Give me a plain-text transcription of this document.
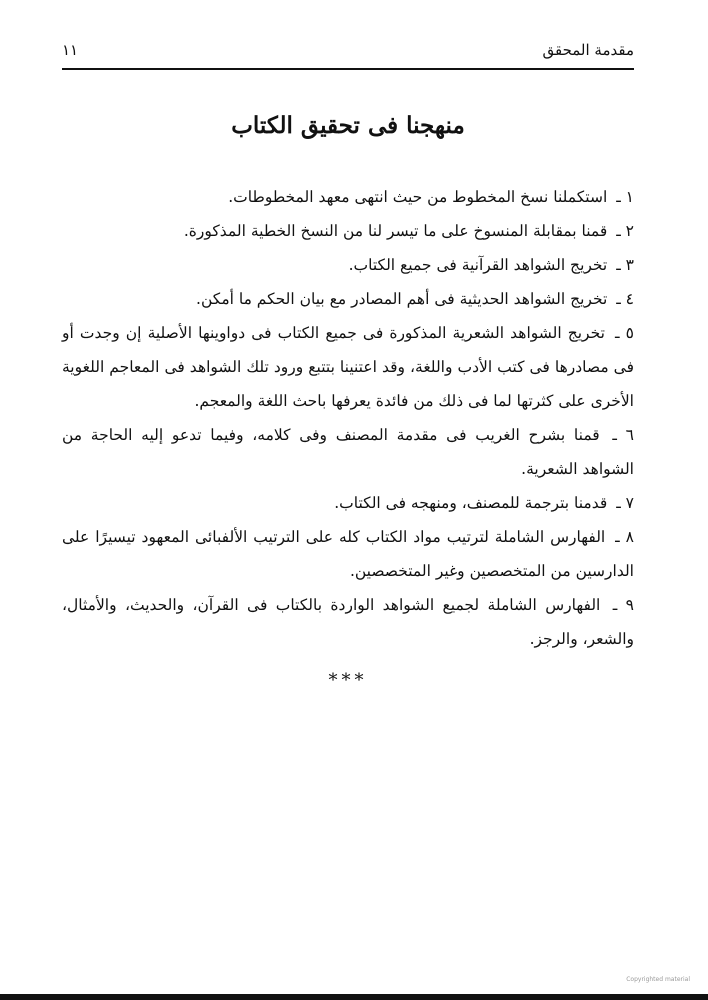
مقدمة المحقق
١١
منهجنا فى تحقيق الكتاب
١ ـ استكملنا نسخ المخطوط من حيث انتهى معهد المخطوطات.
٢ ـ قمنا بمقابلة المنسوخ على ما تيسر لنا من النسخ الخطية المذكورة.
٣ ـ تخريج الشواهد القرآنية فى جميع الكتاب.
٤ ـ تخريج الشواهد الحديثية فى أهم المصادر مع بيان الحكم ما أمكن.
٥ ـ تخريج الشواهد الشعرية المذكورة فى جميع الكتاب فى دواوينها الأصلية إن وجدت أو فى مصادرها فى كتب الأدب واللغة، وقد اعتنينا بتتبع ورود تلك الشواهد فى المعاجم اللغوية الأخرى على كثرتها لما فى ذلك من فائدة يعرفها باحث اللغة والمعجم.
٦ ـ قمنا بشرح الغريب فى مقدمة المصنف وفى كلامه، وفيما تدعو إليه الحاجة من الشواهد الشعرية.
٧ ـ قدمنا بترجمة للمصنف، ومنهجه فى الكتاب.
٨ ـ الفهارس الشاملة لترتيب مواد الكتاب كله على الترتيب الألفبائى المعهود تيسيرًا على الدارسين من المتخصصين وغير المتخصصين.
٩ ـ الفهارس الشاملة لجميع الشواهد الواردة بالكتاب فى القرآن، والحديث، والأمثال، والشعر، والرجز.
***
Copyrighted material
